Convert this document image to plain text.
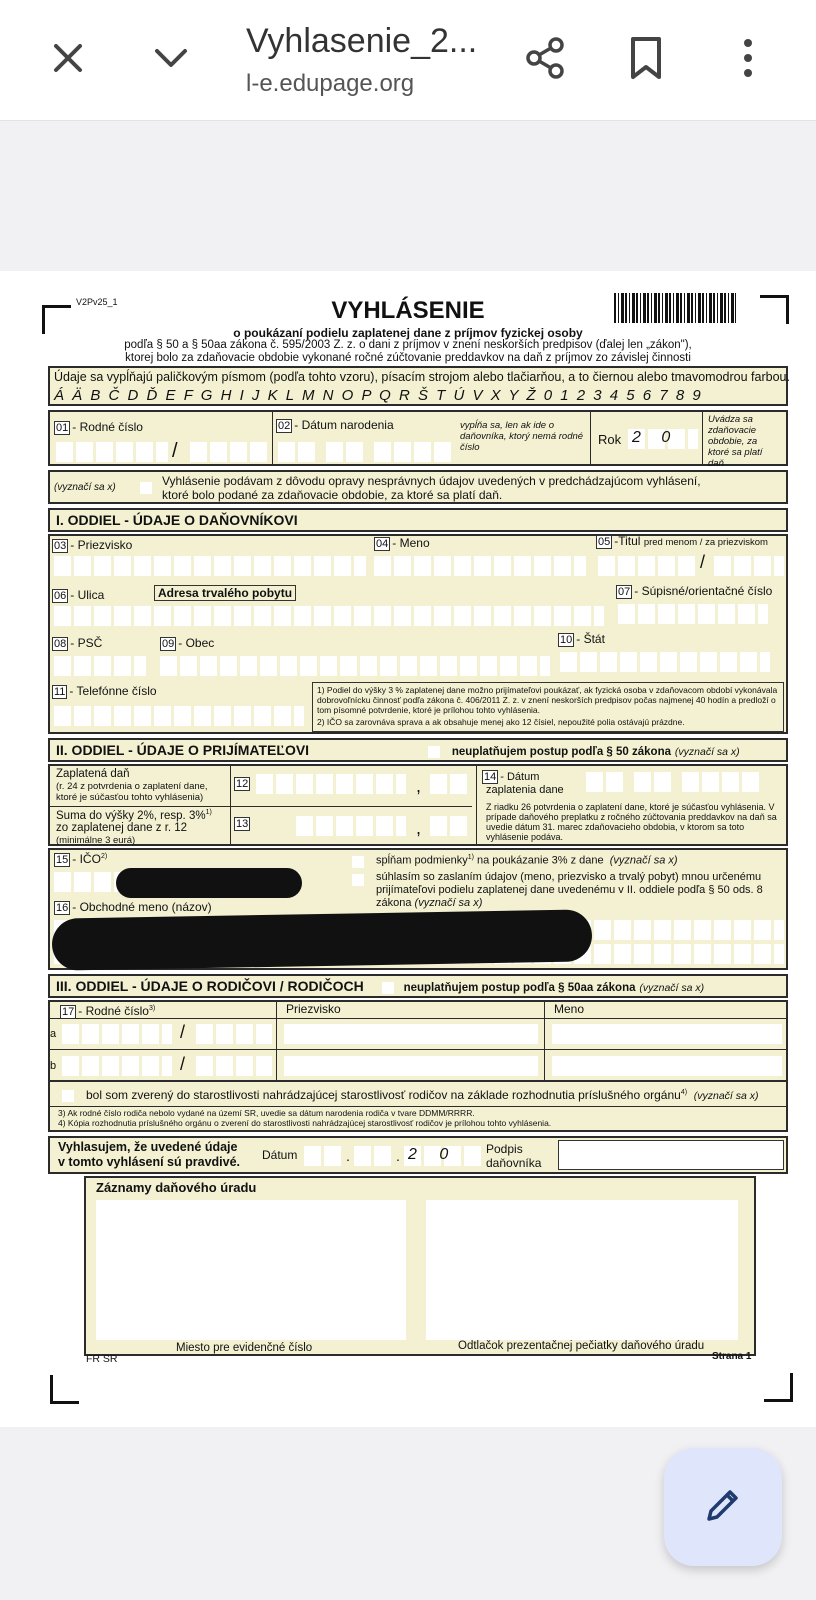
Vyhlasenie_2...
l-e.edupage.org
V2Pv25_1	VYHLÁSENIE
o poukázaní podielu zaplatenej dane z príjmov fyzickej osoby
podľa § 50 a § 50aa zákona č. 595/2003 Z. z. o dani z príjmov v znení neskorších predpisov (ďalej len „zákon"),
ktorej bolo za zdaňovacie obdobie vykonané ročné zúčtovanie preddavkov na daň z príjmov zo závislej činnosti
Údaje sa vypĺňajú paličkovým písmom (podľa tohto vzoru), písacím strojom alebo tlačiarňou, a to čiernou alebo tmavomodrou farbou.
Á Ä B Č D Ď E F G H I J K L M N O P Q R Š T Ú V X Y Ž 0 1 2 3 4 5 6 7 8 9
01 - Rodné číslo
/
02 - Dátum narodenia	vypĺňa sa, len ak ide o daňovníka, ktorý nemá rodné číslo
Rok 2 0
Uvádza sa zdaňovacie obdobie, za ktoré sa platí daň
(vyznačí sa x)	Vyhlásenie podávam z dôvodu opravy nesprávnych údajov uvedených v predchádzajúcom vyhlásení,
ktoré bolo podané za zdaňovacie obdobie, za ktoré sa platí daň.
I. ODDIEL - ÚDAJE O DAŇOVNÍKOVI
03 - Priezvisko	04 - Meno	05 -Titul pred menom / za priezviskom
/
06 - Ulica	Adresa trvalého pobytu	07 - Súpisné/orientačné číslo
08 - PSČ	09 - Obec	10 - Štát
11 - Telefónne číslo	1) Podiel do výšky 3 % zaplatenej dane možno prijímateľovi poukázať, ak fyzická osoba v zdaňovacom období vykonávala dobrovoľnícku činnosť podľa zákona č. 406/2011 Z. z. v znení neskorších predpisov počas najmenej 40 hodín a predloží o tom písomné potvrdenie, ktoré je prílohou tohto vyhlásenia.
2) IČO sa zarovnáva sprava a ak obsahuje menej ako 12 čísiel, nepoužité polia ostávajú prázdne.
II. ODDIEL - ÚDAJE O PRIJÍMATEĽOVI	neuplatňujem postup podľa § 50 zákona (vyznačí sa x)
Zaplatená daň
(r. 24 z potvrdenia o zaplatení dane, ktoré je súčasťou tohto vyhlásenia)
12	,
Suma do výšky 2%, resp. 3%$^{1)}$
zo zaplatenej dane z r. 12
(minimálne 3 eurá)
13	,
14 - Dátum
zaplatenia dane
Z riadku 26 potvrdenia o zaplatení dane, ktoré je súčasťou vyhlásenia. V prípade daňového preplatku z ročného zúčtovania preddavkov na daň sa uvedie dátum 31. marec zdaňovacieho obdobia, v ktorom sa toto vyhlásenie podáva.
15 - IČO$^{2)}$	spĺňam podmienky$^{1)}$ na poukázanie 3% z dane (vyznačí sa x)
súhlasím so zaslaním údajov (meno, priezvisko a trvalý pobyt) mnou určenému
prijímateľovi podielu zaplatenej dane uvedenému v II. oddiele podľa § 50 ods. 8
zákona (vyznačí sa x)
16 - Obchodné meno (názov)
III. ODDIEL - ÚDAJE O RODIČOVI / RODIČOCH	neuplatňujem postup podľa § 50aa zákona (vyznačí sa x)
17 - Rodné číslo$^{3)}$	Priezvisko	Meno
a	/
b	/
bol som zverený do starostlivosti nahrádzajúcej starostlivosť rodičov na základe rozhodnutia príslušného orgánu$^{4)}$ (vyznačí sa x)
3) Ak rodné číslo rodiča nebolo vydané na území SR, uvedie sa dátum narodenia rodiča v tvare DDMM/RRRR.
4) Kópia rozhodnutia príslušného orgánu o zverení do starostlivosti nahrádzajúcej starostlivosť rodičov je prílohou tohto vyhlásenia.
Vyhlasujem, že uvedené údaje
v tomto vyhlásení sú pravdivé. Dátum	.	. 2 0 Podpis
daňovníka
Záznamy daňového úradu
Miesto pre evidenčné číslo	Odtlačok prezentačnej pečiatky daňového úradu
FR SR	Strana 1
